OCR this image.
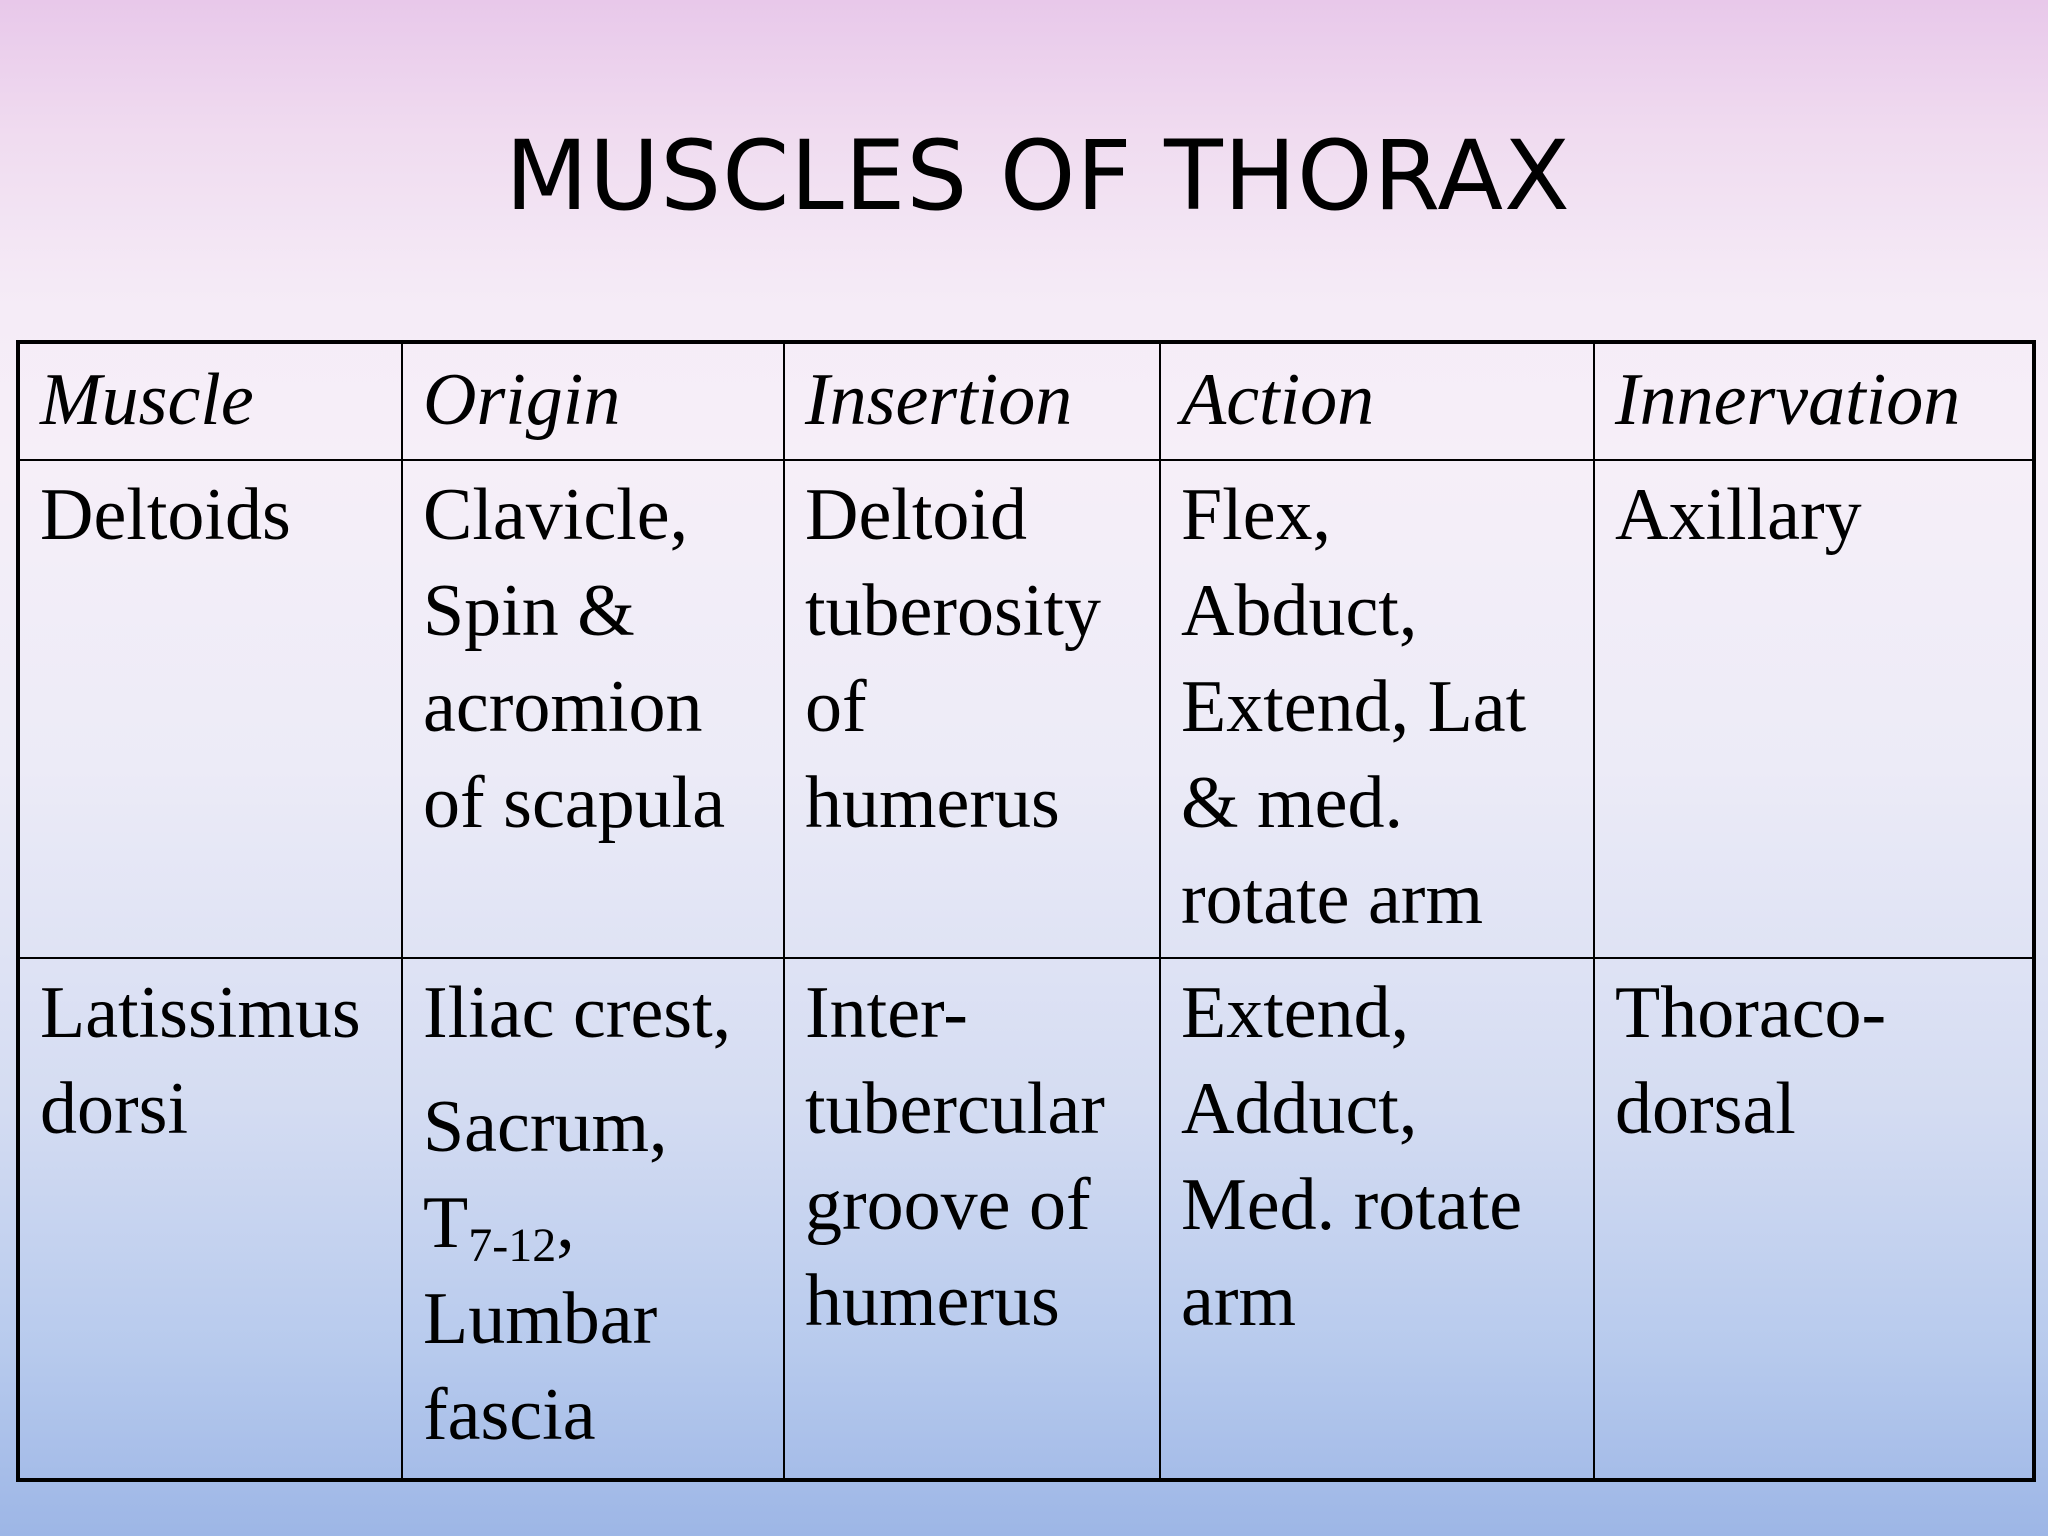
MUSCLES OF THORAX
Muscle	Origin	Insertion	Action	Innervation

Deltoids	Clavicle,
Spin &
acromion
of scapula	Deltoid
tuberosity
of
humerus	Flex,
Abduct,
Extend, Lat
& med.
rotate arm	Axillary

Latissimus
dorsi	Iliac crest,
Sacrum,
$T_{7-12}$,
Lumbar
fascia	Inter-
tubercular
groove of
humerus	Extend,
Adduct,
Med. rotate
arm	Thoraco-
dorsal
